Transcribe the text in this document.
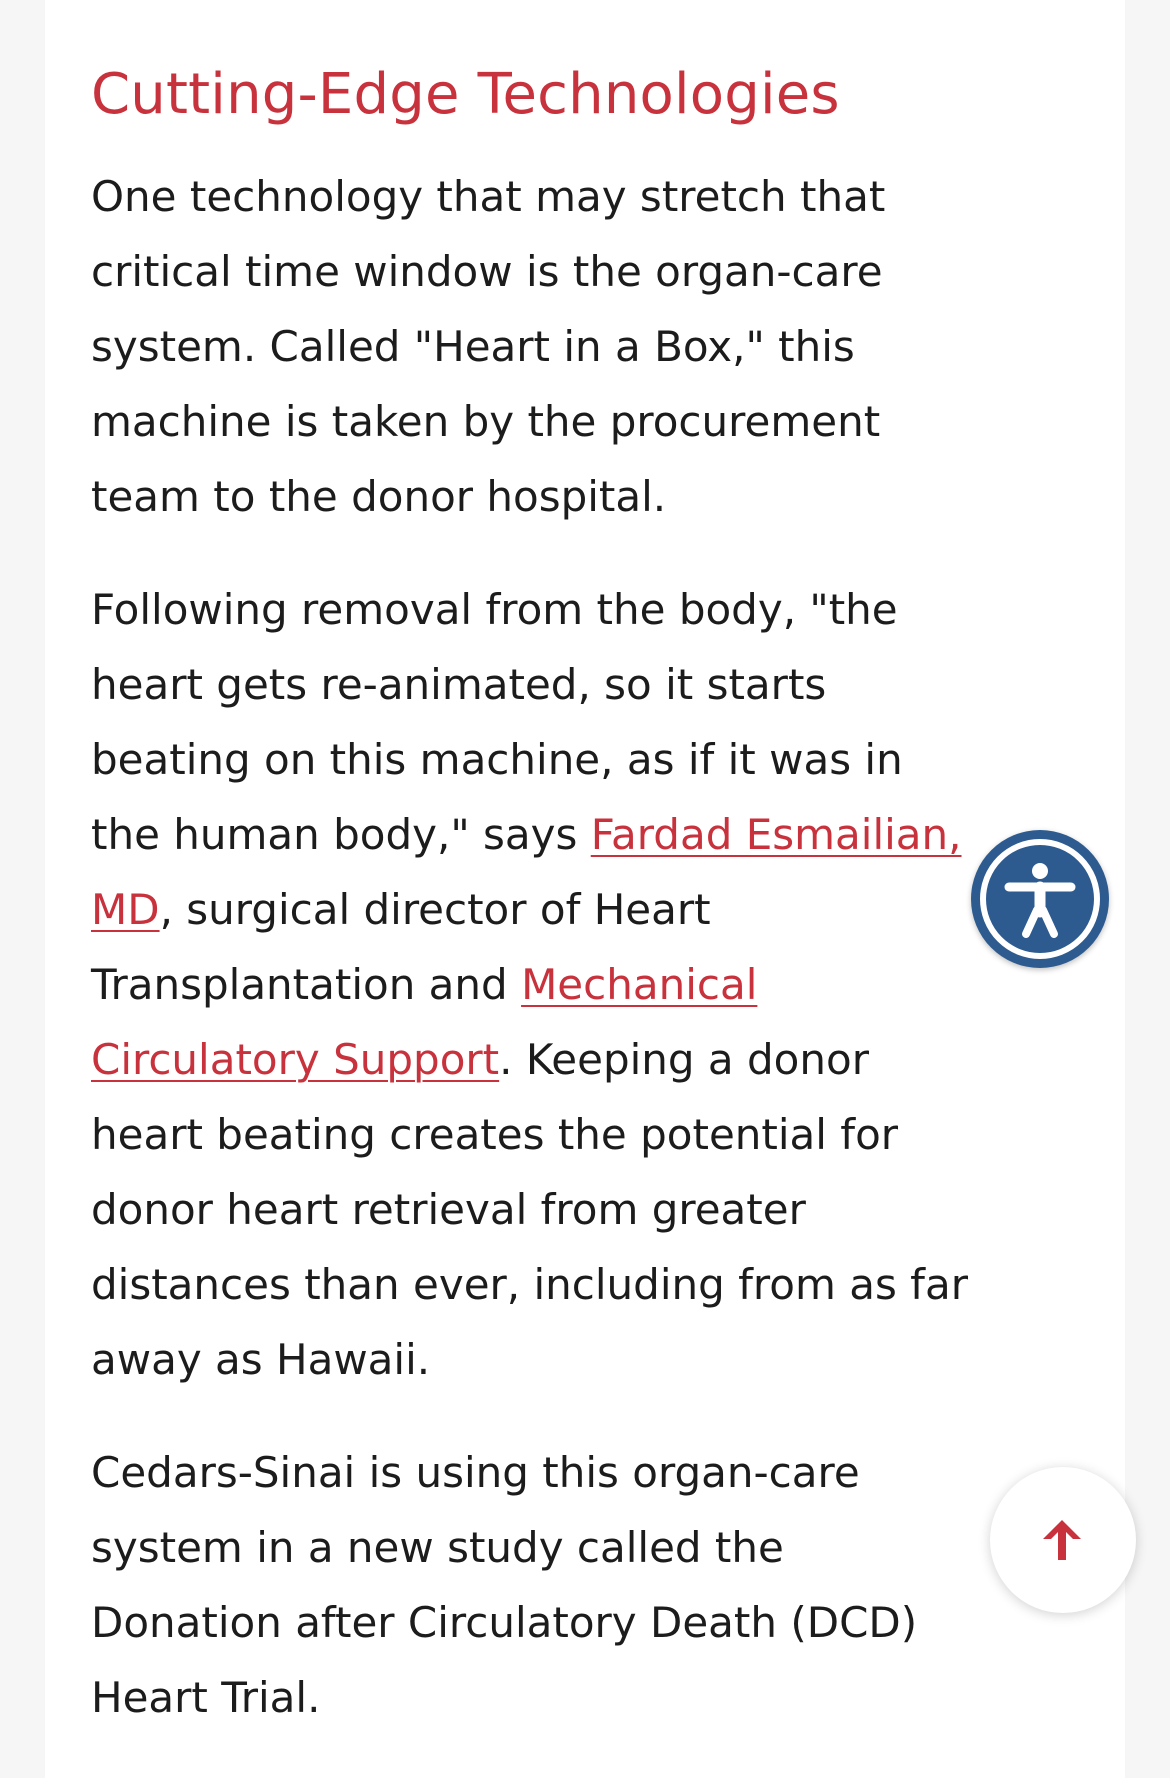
Cutting-Edge Technologies

One technology that may stretch that
critical time window is the organ-care
system. Called "Heart in a Box," this
machine is taken by the procurement
team to the donor hospital.

Following removal from the body, "the
heart gets re-animated, so it starts
beating on this machine, as if it was in
the human body," says Fardad Esmailian,
MD, surgical director of Heart
Transplantation and Mechanical
Circulatory Support. Keeping a donor
heart beating creates the potential for
donor heart retrieval from greater
distances than ever, including from as far
away as Hawaii.

Cedars-Sinai is using this organ-care
system in a new study called the
Donation after Circulatory Death (DCD)
Heart Trial.
